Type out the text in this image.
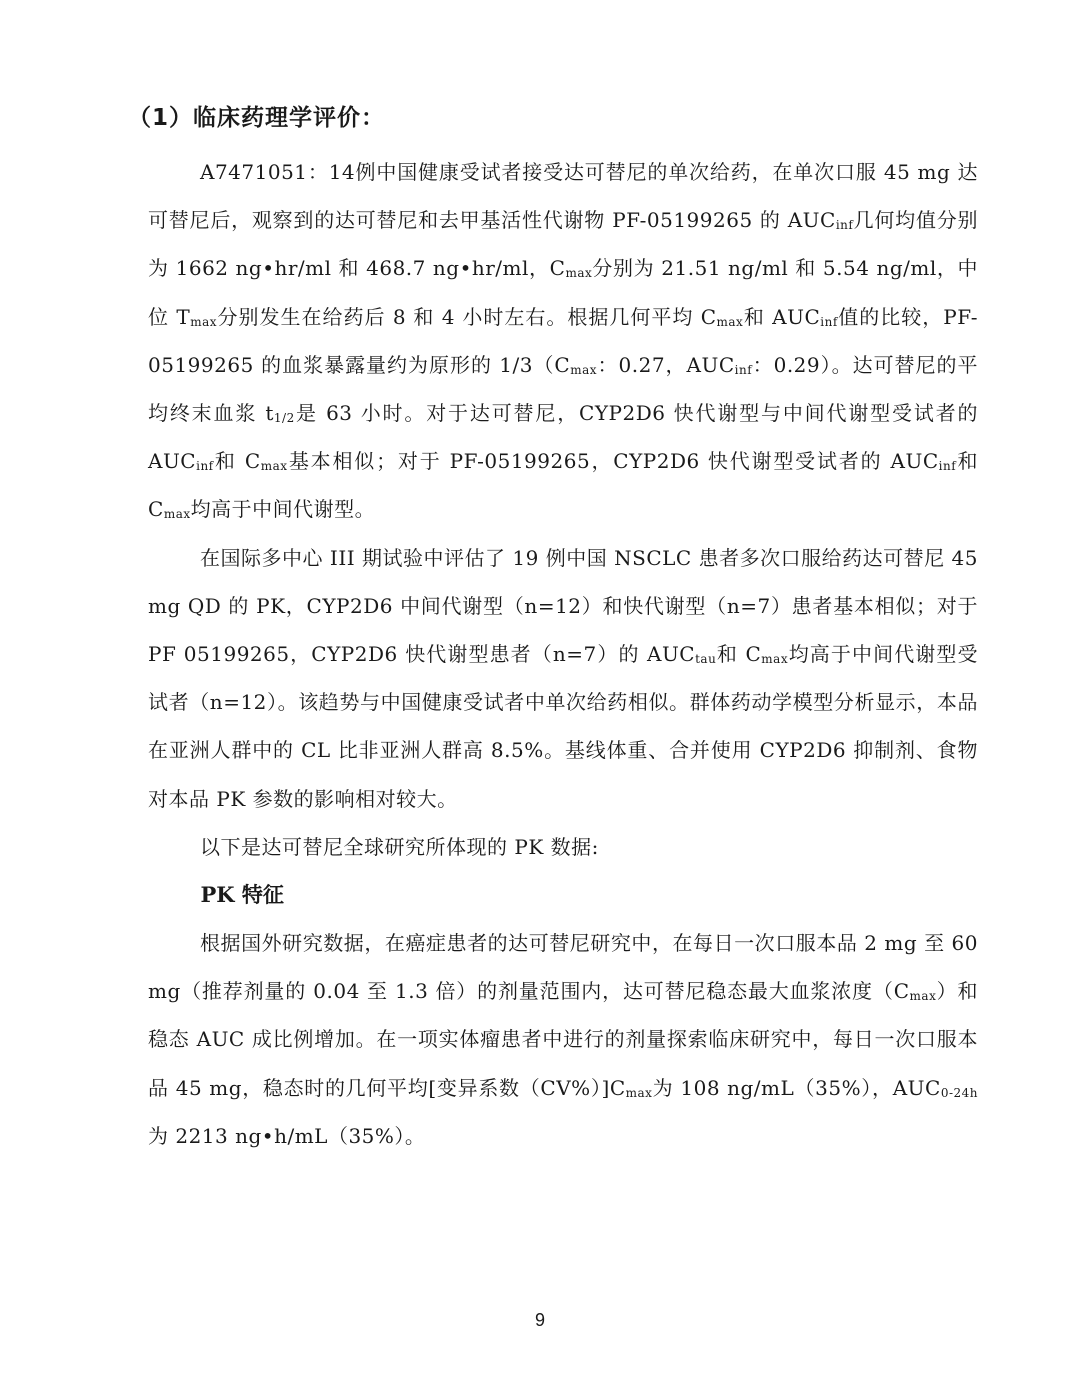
（1）临床药理学评价：

A7471051：14例中国健康受试者接受达可替尼的单次给药，在单次口服 45 mg 达可替尼后，观察到的达可替尼和去甲基活性代谢物 PF-05199265 的 $AUC_{inf}$几何均值分别为 1662 ng•hr/ml 和 468.7 ng•hr/ml，$C_{max}$分别为 21.51 ng/ml 和 5.54 ng/ml，中位 $T_{max}$分别发生在给药后 8 和 4 小时左右。根据几何平均 $C_{max}$和 $AUC_{inf}$值的比较，PF-05199265 的血浆暴露量约为原形的 $1/3(C_{max}$：0.27，$AUC_{inf}$：0.29）。达可替尼的平均终末血浆 $t_{1/2}$是 63 小时。对于达可替尼，CYP2D6 快代谢型与中间代谢型受试者的 $AUC_{inf}$和 $C_{max}$基本相似；对于 PF-05199265，CYP2D6 快代谢型受试者的 $AUC_{inf}$和 $C_{max}$均高于中间代谢型。

在国际多中心 III 期试验中评估了 19 例中国 NSCLC 患者多次口服给药达可替尼 45 mg QD 的 PK，CYP2D6 中间代谢型（n=12）和快代谢型（n=7）患者基本相似；对于 PF 05199265，CYP2D6 快代谢型患者（n=7）的 $AUC_{tau}$和 $C_{max}$均高于中间代谢型受试者（n=12）。该趋势与中国健康受试者中单次给药相似。群体药动学模型分析显示，本品在亚洲人群中的 CL 比非亚洲人群高 8.5%。基线体重、合并使用 CYP2D6 抑制剂、食物对本品 PK 参数的影响相对较大。

以下是达可替尼全球研究所体现的 PK 数据:

PK 特征

根据国外研究数据，在癌症患者的达可替尼研究中，在每日一次口服本品 2 mg 至 60 mg（推荐剂量的 0.04 至 1.3 倍）的剂量范围内，达可替尼稳态最大血浆浓度$(C_{max})$和稳态 AUC 成比例增加。在一项实体瘤患者中进行的剂量探索临床研究中，每日一次口服本品 45 mg，稳态时的几何平均[变异系数$(CV\%)]C_{max}$为 108 ng/mL（35%），$AUC_{0-24h}$为 2213 ng•h/mL（35%）。

9
